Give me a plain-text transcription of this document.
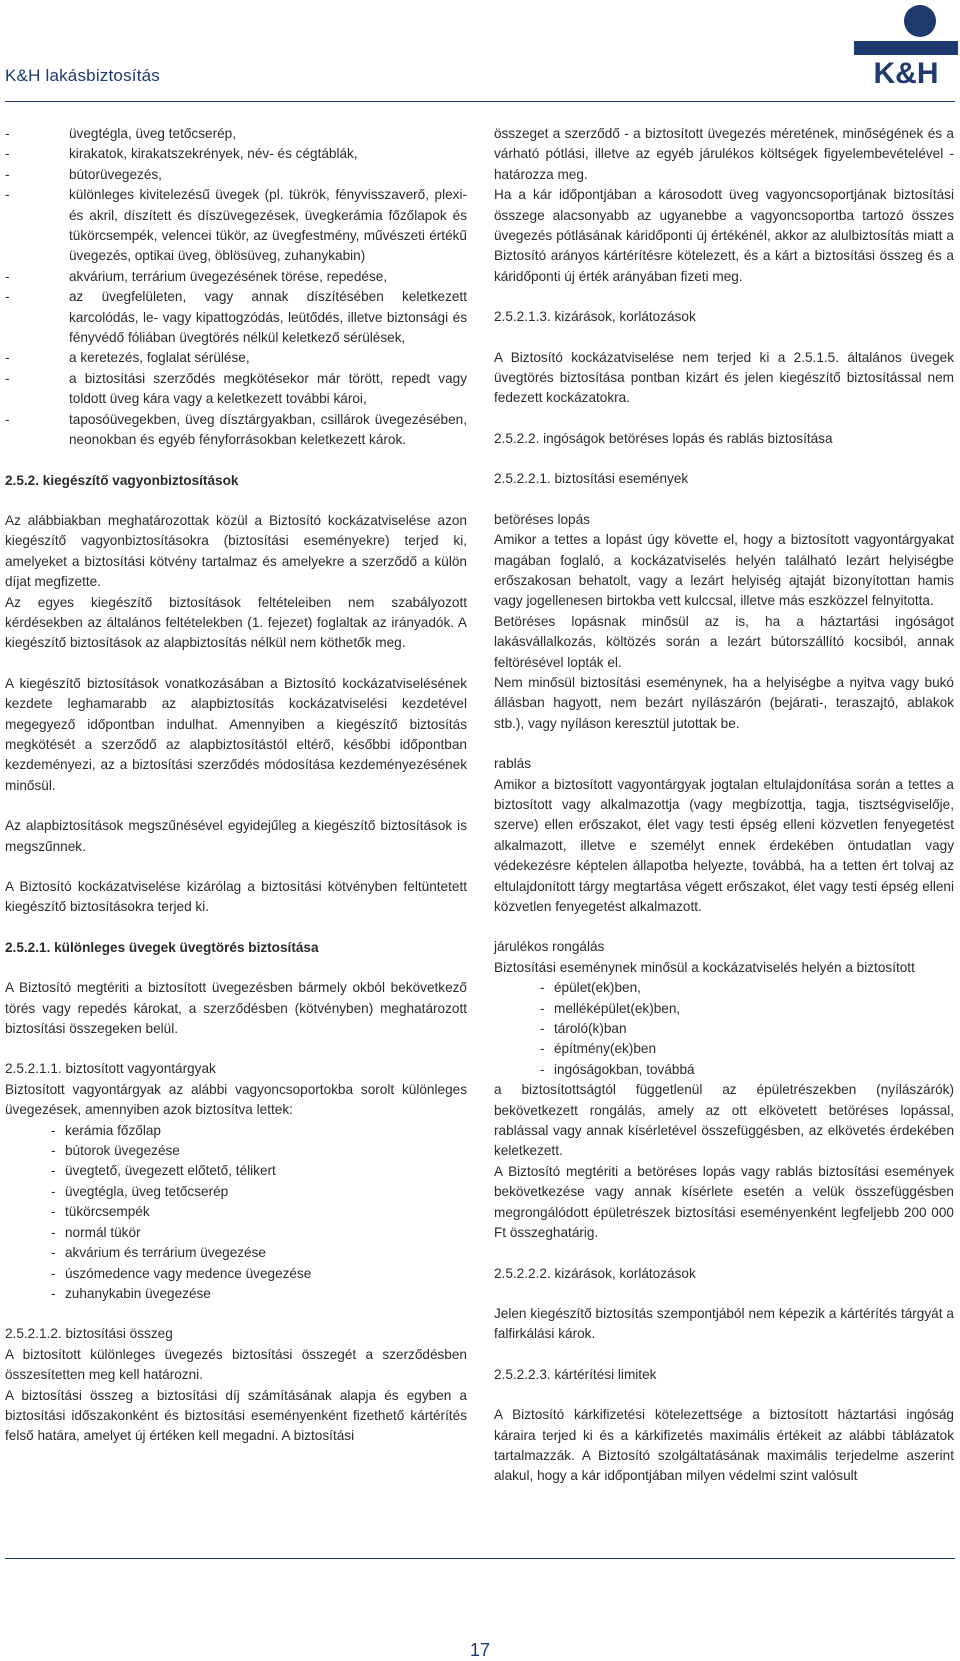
K&H lakásbiztosítás	K&H
- üvegtégla, üveg tetőcserép,
- kirakatok, kirakatszekrények, név- és cégtáblák,
- bútorüvegezés,
- különleges kivitelezésű üvegek (pl. tükrök, fényvisszaverő, plexi- és akril, díszített és díszüvegezések, üvegkerámia főzőlapok és tükörcsempék, velencei tükör, az üvegfestmény, művészeti értékű üvegezés, optikai üveg, öblösüveg, zuhanykabin)
- akvárium, terrárium üvegezésének törése, repedése,
- az üvegfelületen, vagy annak díszítésében keletkezett karcolódás, le- vagy kipattogzódás, leütődés, illetve biztonsági és fényvédő fóliában üvegtörés nélkül keletkező sérülések,
- a keretezés, foglalat sérülése,
- a biztosítási szerződés megkötésekor már törött, repedt vagy toldott üveg kára vagy a keletkezett további károi,
- taposóüvegekben, üveg dísztárgyakban, csillárok üvegezésében, neonokban és egyéb fényforrásokban keletkezett károk.

2.5.2. kiegészítő vagyonbiztosítások

Az alábbiakban meghatározottak közül a Biztosító kockázatviselése azon kiegészítő vagyonbiztosításokra (biztosítási eseményekre) terjed ki, amelyeket a biztosítási kötvény tartalmaz és amelyekre a szerződő a külön díjat megfizette.

Az egyes kiegészítő biztosítások feltételeiben nem szabályozott kérdésekben az általános feltételekben (1. fejezet) foglaltak az irányadók. A kiegészítő biztosítások az alapbiztosítás nélkül nem köthetők meg.

A kiegészítő biztosítások vonatkozásában a Biztosító kockázatviselésének kezdete leghamarabb az alapbiztosítás kockázatviselési kezdetével megegyező időpontban indulhat. Amennyiben a kiegészítő biztosítás megkötését a szerződő az alapbiztosítástól eltérő, későbbi időpontban kezdeményezi, az a biztosítási szerződés módosítása kezdeményezésének minősül.

Az alapbiztosítások megszűnésével egyidejűleg a kiegészítő biztosítások is megszűnnek.

A Biztosító kockázatviselése kizárólag a biztosítási kötvényben feltüntetett kiegészítő biztosításokra terjed ki.

2.5.2.1. különleges üvegek üvegtörés biztosítása

A Biztosító megtériti a biztosított üvegezésben bármely okból bekövetkező törés vagy repedés károkat, a szerződésben (kötvényben) meghatározott biztosítási összegeken belül.

2.5.2.1.1. biztosított vagyontárgyak

Biztosított vagyontárgyak az alábbi vagyoncsoportokba sorolt különleges üvegezések, amennyiben azok biztosítva lettek:

- kerámia főzőlap
- bútorok üvegezése
- üvegtető, üvegezett előtető, télikert
- üvegtégla, üveg tetőcserép
- tükörcsempék
- normál tükör
- akvárium és terrárium üvegezése
- úszómedence vagy medence üvegezése
- zuhanykabin üvegezése

2.5.2.1.2. biztosítási összeg

A biztosított különleges üvegezés biztosítási összegét a szerződésben összesítetten meg kell határozni.

A biztosítási összeg a biztosítási díj számításának alapja és egyben a biztosítási időszakonként és biztosítási eseményenként fizethető kártérítés felső határa, amelyet új értéken kell megadni. A biztosítási

összeget a szerződő - a biztosított üvegezés méretének, minőségének és a várható pótlási, illetve az egyéb járulékos költségek figyelembevételével - határozza meg.

Ha a kár időpontjában a károsodott üveg vagyoncsoportjának biztosítási összege alacsonyabb az ugyanebbe a vagyoncsoportba tartozó összes üvegezés pótlásának káridőponti új értékénél, akkor az alulbiztosítás miatt a Biztosító arányos kártérítésre kötelezett, és a kárt a biztosítási összeg és a káridőponti új érték arányában fizeti meg.

2.5.2.1.3. kizárások, korlátozások

A Biztosító kockázatviselése nem terjed ki a 2.5.1.5. általános üvegek üvegtörés biztosítása pontban kizárt és jelen kiegészítő biztosítással nem fedezett kockázatokra.

2.5.2.2. ingóságok betöréses lopás és rablás biztosítása

2.5.2.2.1. biztosítási események

betöréses lopás

Amikor a tettes a lopást úgy követte el, hogy a biztosított vagyontárgyakat magában foglaló, a kockázatviselés helyén található lezárt helyiségbe erőszakosan behatolt, vagy a lezárt helyiség ajtaját bizonyítottan hamis vagy jogellenesen birtokba vett kulccsal, illetve más eszközzel felnyitotta.

Betöréses lopásnak minősül az is, ha a háztartási ingóságot lakásvállalkozás, költözés során a lezárt bútorszállító kocsiból, annak feltörésével lopták el.

Nem minősül biztosítási eseménynek, ha a helyiségbe a nyitva vagy bukó állásban hagyott, nem bezárt nyílászárón (bejárati-, teraszajtó, ablakok stb.), vagy nyíláson keresztül jutottak be.

rablás

Amikor a biztosított vagyontárgyak jogtalan eltulajdonítása során a tettes a biztosított vagy alkalmazottja (vagy megbízottja, tagja, tisztségviselője, szerve) ellen erőszakot, élet vagy testi épség elleni közvetlen fenyegetést alkalmazott, illetve e személyt ennek érdekében öntudatlan vagy védekezésre képtelen állapotba helyezte, továbbá, ha a tetten ért tolvaj az eltulajdonított tárgy megtartása végett erőszakot, élet vagy testi épség elleni közvetlen fenyegetést alkalmazott.

járulékos rongálás

Biztosítási eseménynek minősül a kockázatviselés helyén a biztosított

- épület(ek)ben,
- melléképület(ek)ben,
- tároló(k)ban
- építmény(ek)ben
- ingóságokban, továbbá

a biztosítottságtól függetlenül az épületrészekben (nyílászárók) bekövetkezett rongálás, amely az ott elkövetett betöréses lopással, rablással vagy annak kísérletével összefüggésben, az elkövetés érdekében keletkezett.

A Biztosító megtériti a betöréses lopás vagy rablás biztosítási események bekövetkezése vagy annak kísérlete esetén a velük összefüggésben megrongálódott épületrészek biztosítási eseményenként legfeljebb 200 000 Ft összeghatárig.

2.5.2.2.2. kizárások, korlátozások

Jelen kiegészítő biztosítás szempontjából nem képezik a kártérítés tárgyát a falfirkálási károk.

2.5.2.2.3. kártérítési limitek

A Biztosító kárkifizetési kötelezettsége a biztosított háztartási ingóság káraira terjed ki és a kárkifizetés maximális értékeit az alábbi táblázatok tartalmazzák. A Biztosító szolgáltatásának maximális terjedelme aszerint alakul, hogy a kár időpontjában milyen védelmi szint valósult

17
